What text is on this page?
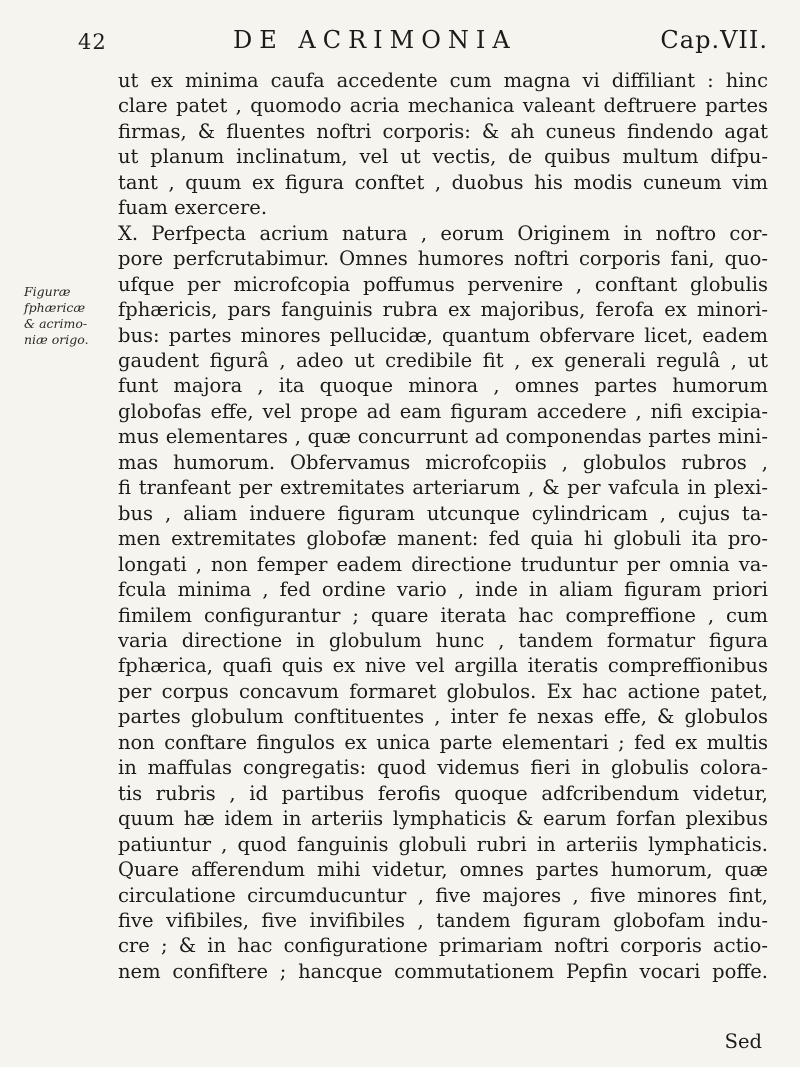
42	DE ACRIMONIA	Cap.VII.
Figuræ
fphæricæ
& acrimo-
niæ origo.
ut ex minima caufa accedente cum magna vi diffiliant : hinc
clare patet , quomodo acria mechanica valeant deftruere partes
firmas, & fluentes noftri corporis: & ah cuneus findendo agat
ut planum inclinatum, vel ut vectis, de quibus multum difpu-
tant , quum ex figura conftet , duobus his modis cuneum vim
fuam exercere.
X. Perfpecta acrium natura , eorum Originem in noftro cor-
pore perfcrutabimur. Omnes humores noftri corporis fani, quo-
ufque per microfcopia poffumus pervenire , conftant globulis
fphæricis, pars fanguinis rubra ex majoribus, ferofa ex minori-
bus: partes minores pellucidæ, quantum obfervare licet, eadem
gaudent figurâ , adeo ut credibile fit , ex generali regulâ , ut
funt majora , ita quoque minora , omnes partes humorum
globofas effe, vel prope ad eam figuram accedere , nifi excipia-
mus elementares , quæ concurrunt ad componendas partes mini-
mas humorum. Obfervamus microfcopiis , globulos rubros ,
fi tranfeant per extremitates arteriarum , & per vafcula in plexi-
bus , aliam induere figuram utcunque cylindricam , cujus ta-
men extremitates globofæ manent: fed quia hi globuli ita pro-
longati , non femper eadem directione truduntur per omnia va-
fcula minima , fed ordine vario , inde in aliam figuram priori
fimilem configurantur ; quare iterata hac compreffione , cum
varia directione in globulum hunc , tandem formatur figura
fphærica, quafi quis ex nive vel argilla iteratis compreffionibus
per corpus concavum formaret globulos. Ex hac actione patet,
partes globulum conftituentes , inter fe nexas effe, & globulos
non conftare fingulos ex unica parte elementari ; fed ex multis
in maffulas congregatis: quod videmus fieri in globulis colora-
tis rubris , id partibus ferofis quoque adfcribendum videtur,
quum hæ idem in arteriis lymphaticis & earum forfan plexibus
patiuntur , quod fanguinis globuli rubri in arteriis lymphaticis.
Quare afferendum mihi videtur, omnes partes humorum, quæ
circulatione circumducuntur , five majores , five minores fint,
five vifibiles, five invifibiles , tandem figuram globofam indu-
cre ; & in hac configuratione primariam noftri corporis actio-
nem confiftere ; hancque commutationem Pepfin vocari poffe.
Sed
